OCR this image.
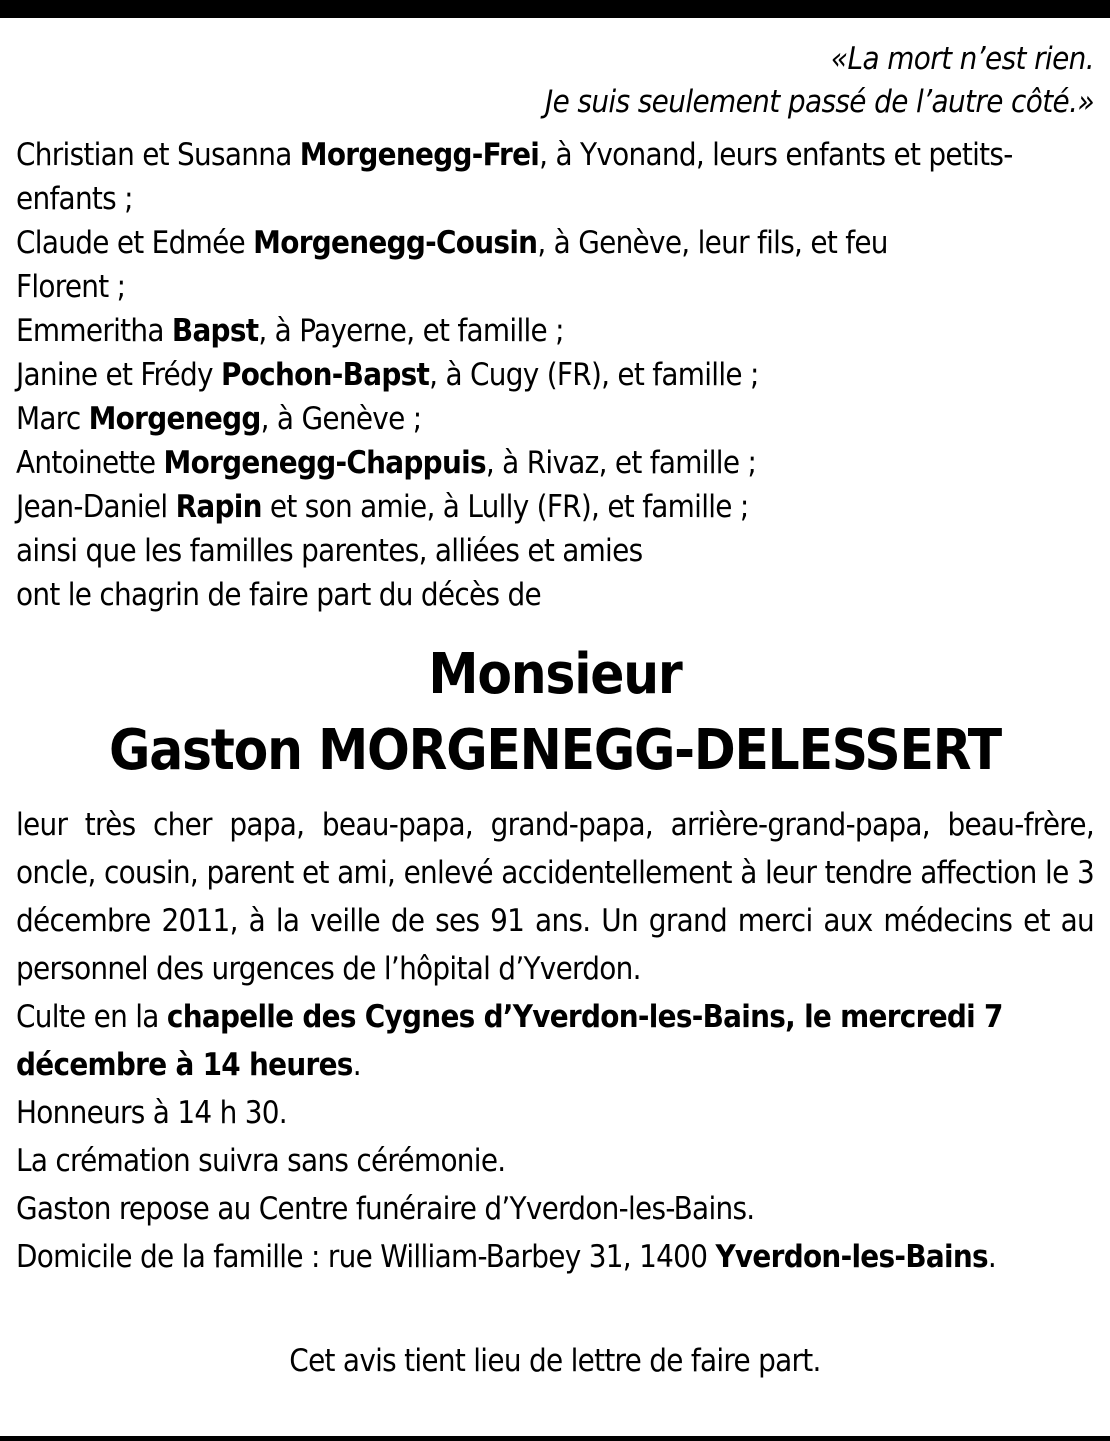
«La mort n’est rien.
Je suis seulement passé de l’autre côté.»
Christian et Susanna Morgenegg-Frei, à Yvonand, leurs enfants et petits-enfants ;
Claude et Edmée Morgenegg-Cousin, à Genève, leur fils, et feu Florent ;
Emmeritha Bapst, à Payerne, et famille ;
Janine et Frédy Pochon-Bapst, à Cugy (FR), et famille ;
Marc Morgenegg, à Genève ;
Antoinette Morgenegg-Chappuis, à Rivaz, et famille ;
Jean-Daniel Rapin et son amie, à Lully (FR), et famille ;
ainsi que les familles parentes, alliées et amies
ont le chagrin de faire part du décès de
Monsieur
Gaston MORGENEGG-DELESSERT
leur très cher papa, beau-papa, grand-papa, arrière-grand-papa, beau-frère, oncle, cousin, parent et ami, enlevé accidentellement à leur tendre affection le 3 décembre 2011, à la veille de ses 91 ans. Un grand merci aux médecins et au personnel des urgences de l’hôpital d’Yverdon.
Culte en la chapelle des Cygnes d’Yverdon-les-Bains, le mercredi 7 décembre à 14 heures.
Honneurs à 14 h 30.
La crémation suivra sans cérémonie.
Gaston repose au Centre funéraire d’Yverdon-les-Bains.
Domicile de la famille : rue William-Barbey 31, 1400 Yverdon-les-Bains.
Cet avis tient lieu de lettre de faire part.
